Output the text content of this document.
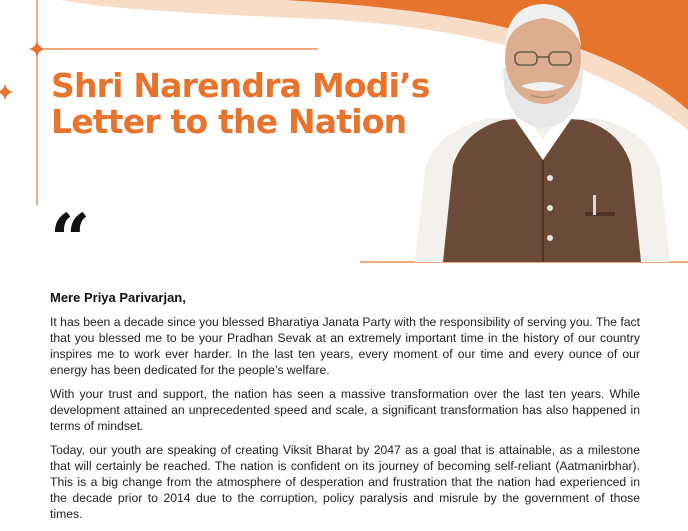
Shri Narendra Modi’s
Letter to the Nation
“

Mere Priya Parivarjan,

It has been a decade since you blessed Bharatiya Janata Party with the responsibility of serving you. The fact that you blessed me to be your Pradhan Sevak at an extremely important time in the history of our country inspires me to work ever harder. In the last ten years, every moment of our time and every ounce of our energy has been dedicated for the people’s welfare.

With your trust and support, the nation has seen a massive transformation over the last ten years. While development attained an unprecedented speed and scale, a significant transformation has also happened in terms of mindset.

Today, our youth are speaking of creating Viksit Bharat by 2047 as a goal that is attainable, as a milestone that will certainly be reached. The nation is confident on its journey of becoming self-reliant (Aatmanirbhar). This is a big change from the atmosphere of desperation and frustration that the nation had experienced in the decade prior to 2014 due to the corruption, policy paralysis and misrule by the government of those times.
